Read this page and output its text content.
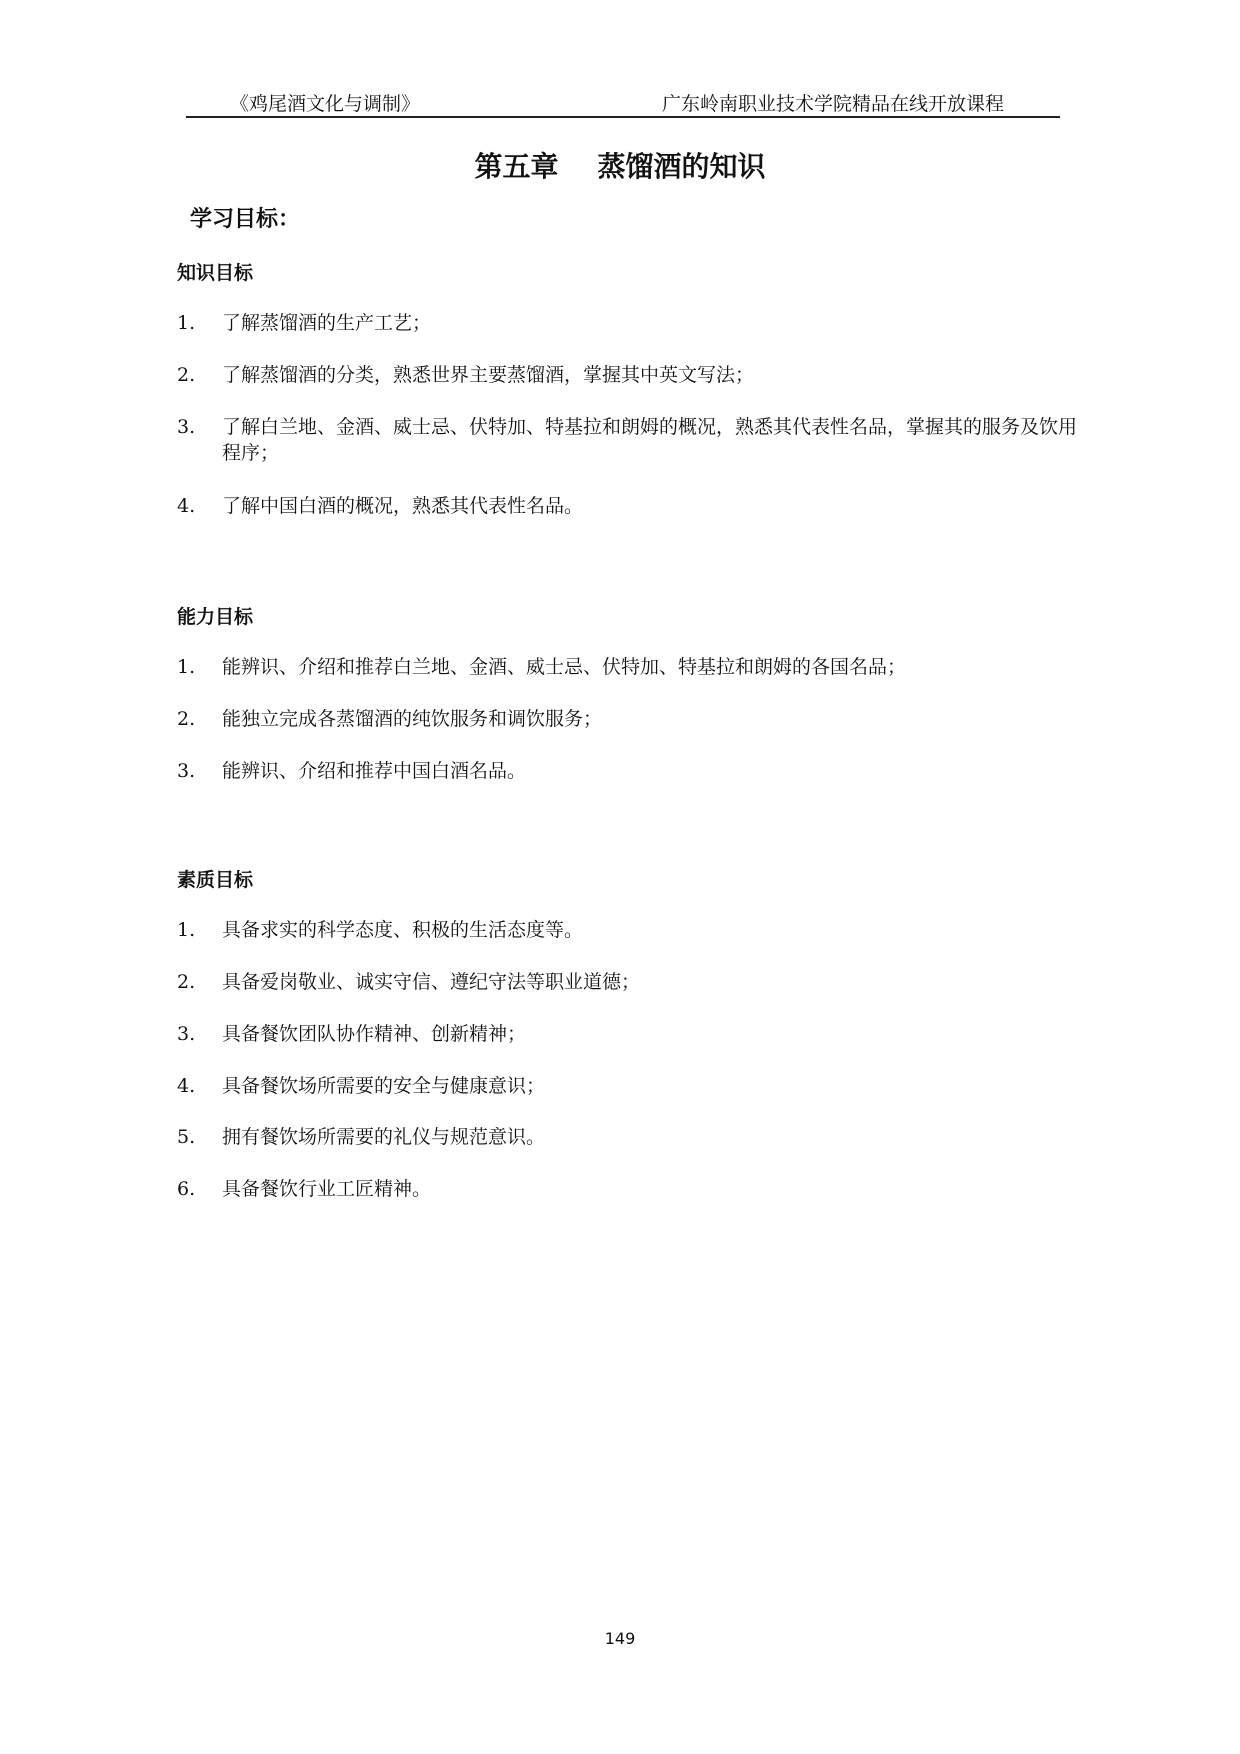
《鸡尾酒文化与调制》	广东岭南职业技术学院精品在线开放课程
第五章    蒸馏酒的知识
学习目标：
知识目标
1. 了解蒸馏酒的生产工艺；
2. 了解蒸馏酒的分类，熟悉世界主要蒸馏酒，掌握其中英文写法；
3. 了解白兰地、金酒、威士忌、伏特加、特基拉和朗姆的概况，熟悉其代表性名品，掌握其的服务及饮用程序；
4. 了解中国白酒的概况，熟悉其代表性名品。
能力目标
1. 能辨识、介绍和推荐白兰地、金酒、威士忌、伏特加、特基拉和朗姆的各国名品；
2. 能独立完成各蒸馏酒的纯饮服务和调饮服务；
3. 能辨识、介绍和推荐中国白酒名品。
素质目标
1. 具备求实的科学态度、积极的生活态度等。
2. 具备爱岗敬业、诚实守信、遵纪守法等职业道德；
3. 具备餐饮团队协作精神、创新精神；
4. 具备餐饮场所需要的安全与健康意识；
5. 拥有餐饮场所需要的礼仪与规范意识。
6. 具备餐饮行业工匠精神。
149
